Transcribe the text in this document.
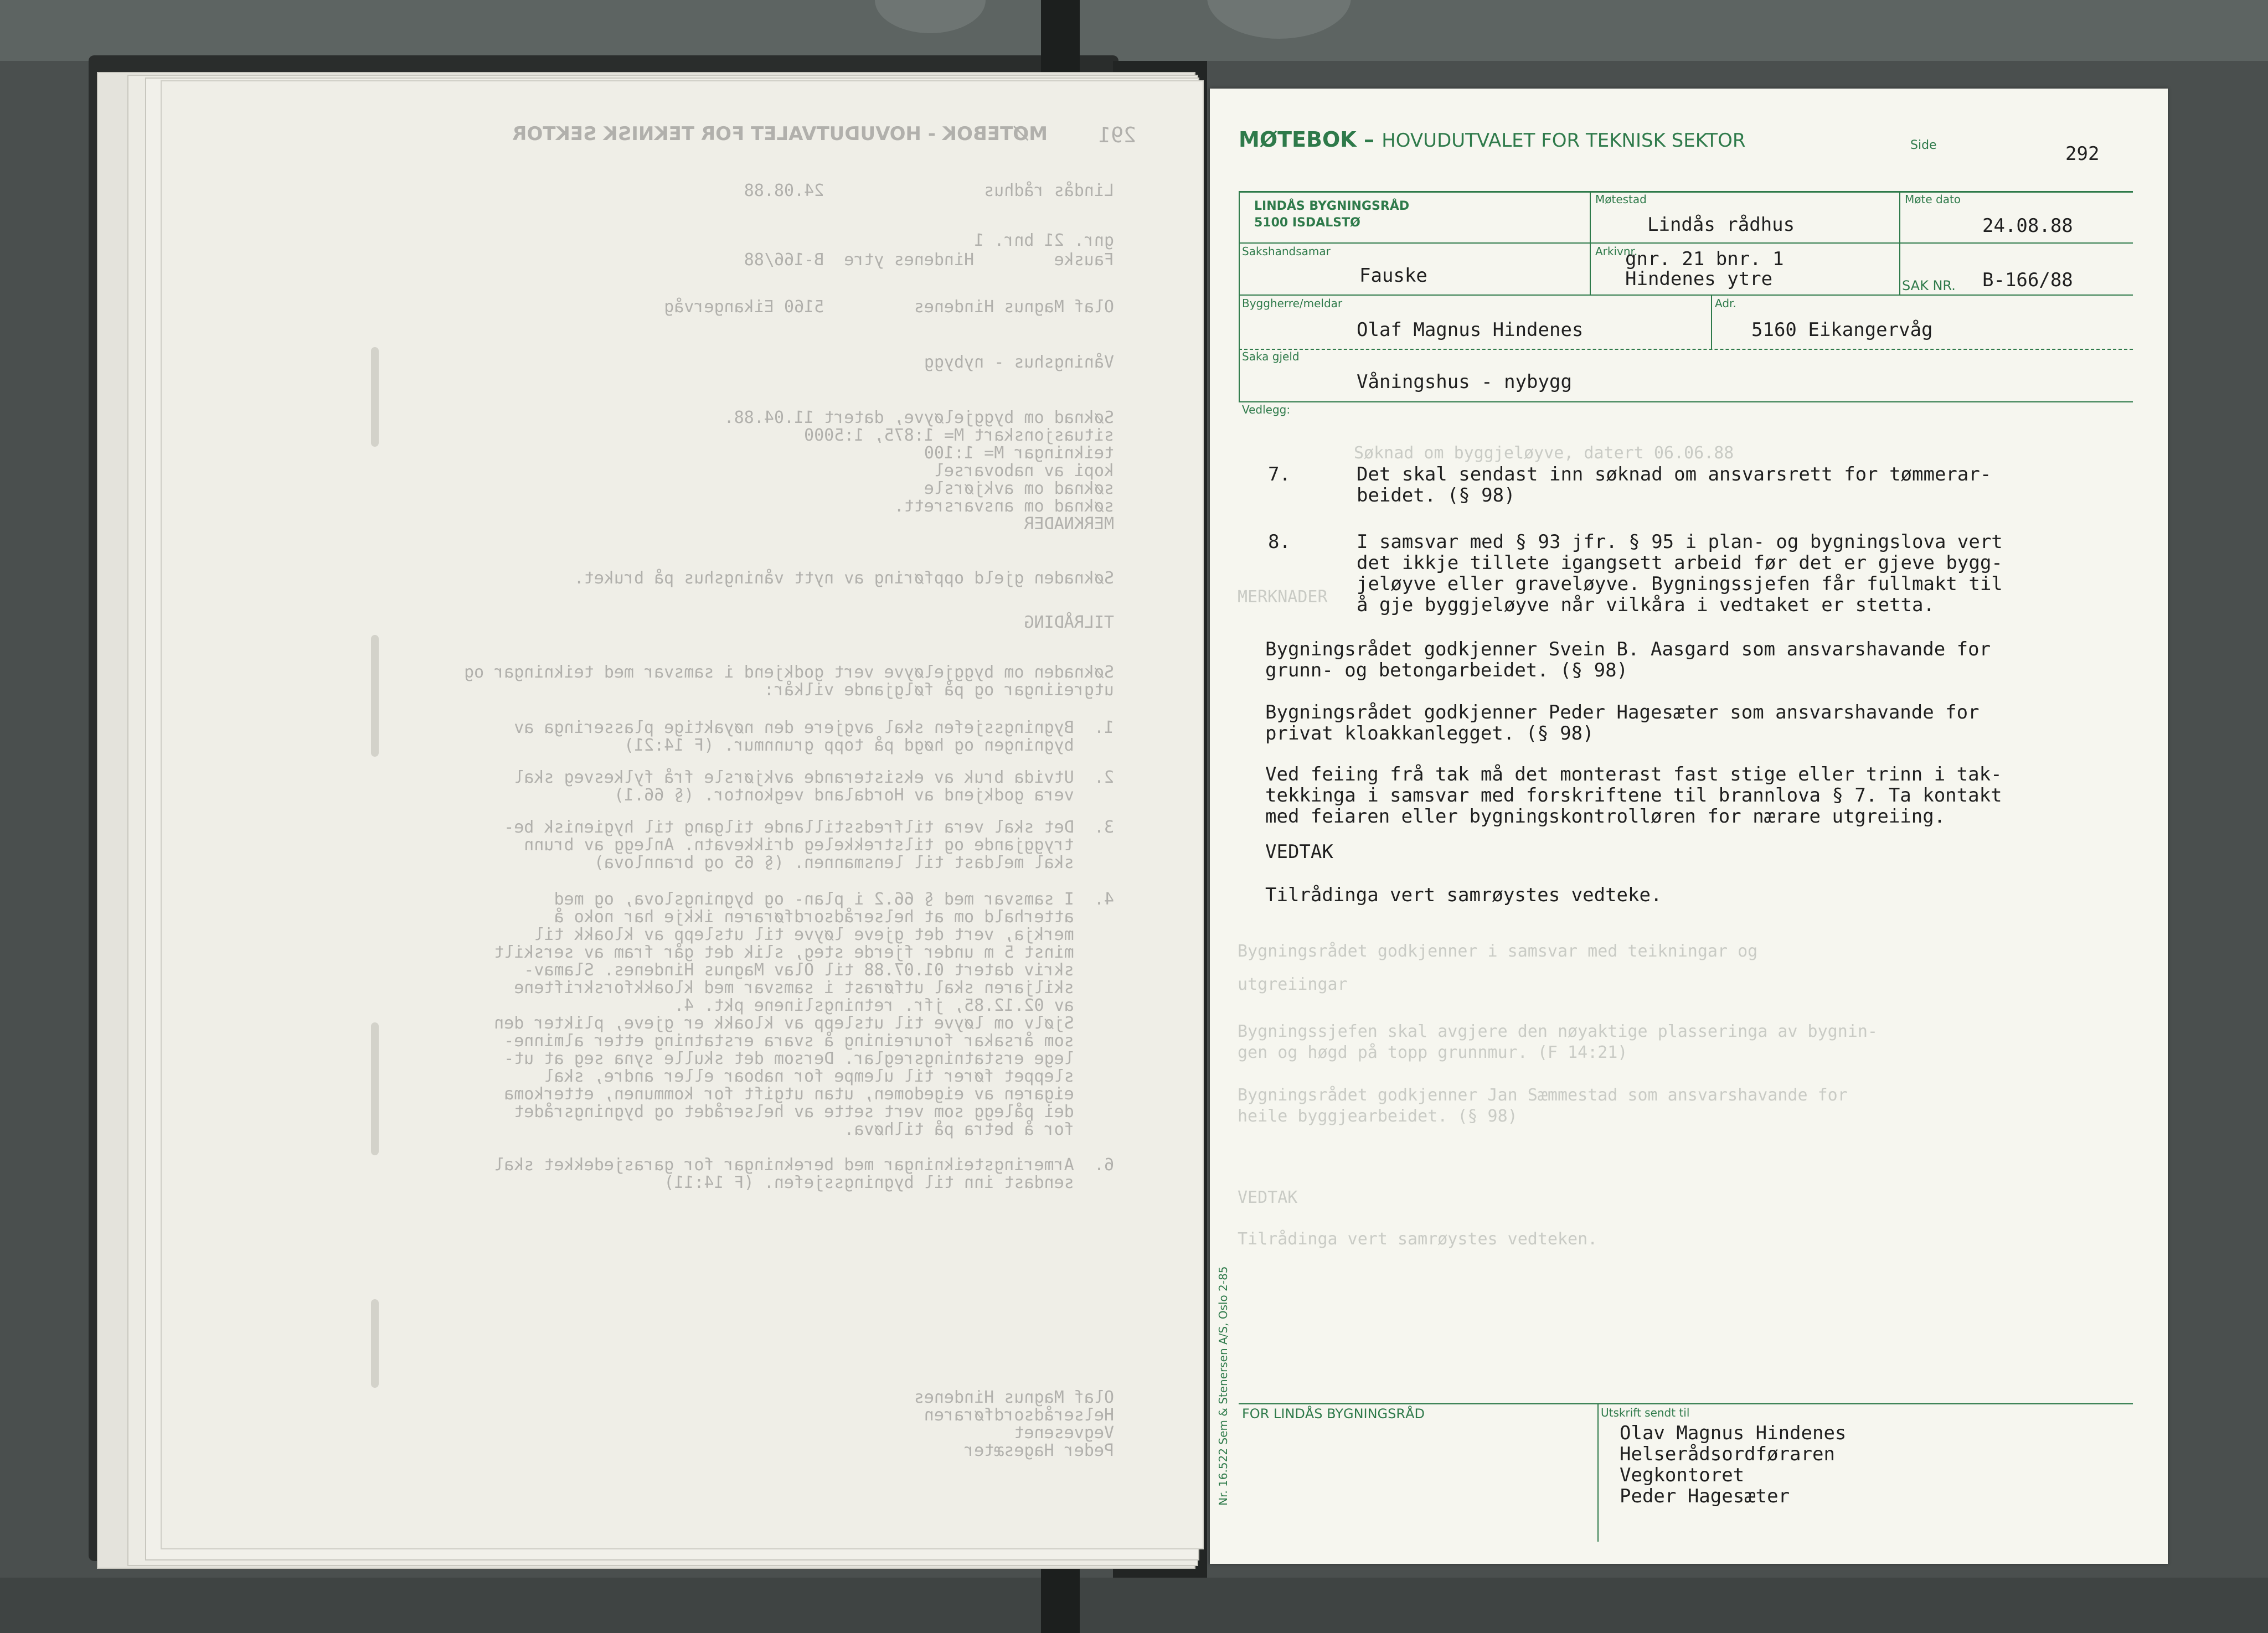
291
MØTEBOK - HOVUDUTVALET FOR TEKNISK SEKTOR
Lindås rådhus                24.08.88
gnr. 21 bnr. 1
Fauske        Hindenes ytre  B-166/88
Olaf Magnus Hindenes         5160 Eikangervåg
Våningshus - nybygg
Søknad om byggjeløyve, datert 11.04.88.
situasjonskart M= 1:875, 1:5000
teikningar M= 1:100
kopi av nabovarsel
søknad om avkjørsle
søknad om ansvarsrett.
MERKNADER
Søknaden gjeld oppføring av nytt våningshus på bruket.
TILRÅDING
Søknaden om byggjeløyve vert godkjend i samsvar med teikningar og
utgreiingar og på følgjande vilkår:
1.  Bygningssjefen skal avgjere den nøyaktige plasseringa av
bygningen og høgd på topp grunnmur. (F 14:21)
2.  Utvida bruk av eksisterande avkjørsle frå fylkesveg skal
vera godkjend av Hordaland vegkontor. (§ 66.1)
3.  Det skal vera tilfredsstillande tilgang til hygienisk be-
tryggjande og tilstrekkeleg drikkevatn. Anlegg av brunn
skal meldast til lensmannen. (§ 65 og brannlova)
4.  I samsvar med § 66.2 i plan- og bygningslova, og med
atterhald om at helserådsordføraren ikkje har noko å
merkja, vert det gjeve løyve til utslepp av kloakk til
minst 5 m under fjerde steg, slik det går fram av serskilt
skriv datert 01.07.88 til Olav Magnus Hindenes. Slamav-
skiljaren skal utførast i samsvar med kloakkforskriftene
av 02.12.85, jfr. retningslinene pkt. 4.
Sjølv om løyve til utslepp av kloakk er gjeve, plikter den
som årsakar forureining å svara erstatning etter alminne-
lege erstatningsreglar. Dersom det skulle syna seg at ut-
sleppet fører til ulempe for naboar eller andre, skal
eigaren av eigedomen, utan utgift for kommunen, etterkoma
dei pålegg som vert sette av helserådet og bygningsrådet
for å betra på tilhøva.
6.  Armeringsteikningar med berekningar for garasjedekket skal
sendast inn til bygningssjefen. (F 14:11)
Olaf Magnus Hindenes
Helserådsordføraren
Vegvesenet
Peder Hagesæter
MØTEBOK – HOVUDUTVALET FOR TEKNISK SEKTOR	Side	292
LINDÅS BYGNINGSRÅD
5100 ISDALSTØ
Møtestad
Lindås rådhus
Møte dato
24.08.88
Sakshandsamar
Fauske
Arkivnr.
gnr. 21 bnr. 1
Hindenes ytre	SAK NR. B-166/88
Byggherre/meldar
Olaf Magnus Hindenes
Adr.
5160 Eikangervåg
Saka gjeld
Våningshus - nybygg
Vedlegg:
Søknad om byggjeløyve, datert 06.06.88
MERKNADER
Bygningsrådet godkjenner i samsvar med teikningar og
utgreiingar
Bygningssjefen skal avgjere den nøyaktige plasseringa av bygnin-
gen og høgd på topp grunnmur. (F 14:21)
Bygningsrådet godkjenner Jan Sæmmestad som ansvarshavande for
heile byggjearbeidet. (§ 98)
VEDTAK
Tilrådinga vert samrøystes vedteken.
7.	Det skal sendast inn søknad om ansvarsrett for tømmerar-
beidet. (§ 98)
8.	I samsvar med § 93 jfr. § 95 i plan- og bygningslova vert
det ikkje tillete igangsett arbeid før det er gjeve bygg-
jeløyve eller graveløyve. Bygningssjefen får fullmakt til
å gje byggjeløyve når vilkåra i vedtaket er stetta.
Bygningsrådet godkjenner Svein B. Aasgard som ansvarshavande for
grunn- og betongarbeidet. (§ 98)
Bygningsrådet godkjenner Peder Hagesæter som ansvarshavande for
privat kloakkanlegget. (§ 98)
Ved feiing frå tak må det monterast fast stige eller trinn i tak-
tekkinga i samsvar med forskriftene til brannlova § 7. Ta kontakt
med feiaren eller bygningskontrolløren for nærare utgreiing.
VEDTAK
Tilrådinga vert samrøystes vedteke.
Nr. 16.522 Sem & Stenersen A/S, Oslo 2-85 FOR LINDÅS BYGNINGSRÅD	Utskrift sendt til
Olav Magnus Hindenes
Helserådsordføraren
Vegkontoret
Peder Hagesæter
